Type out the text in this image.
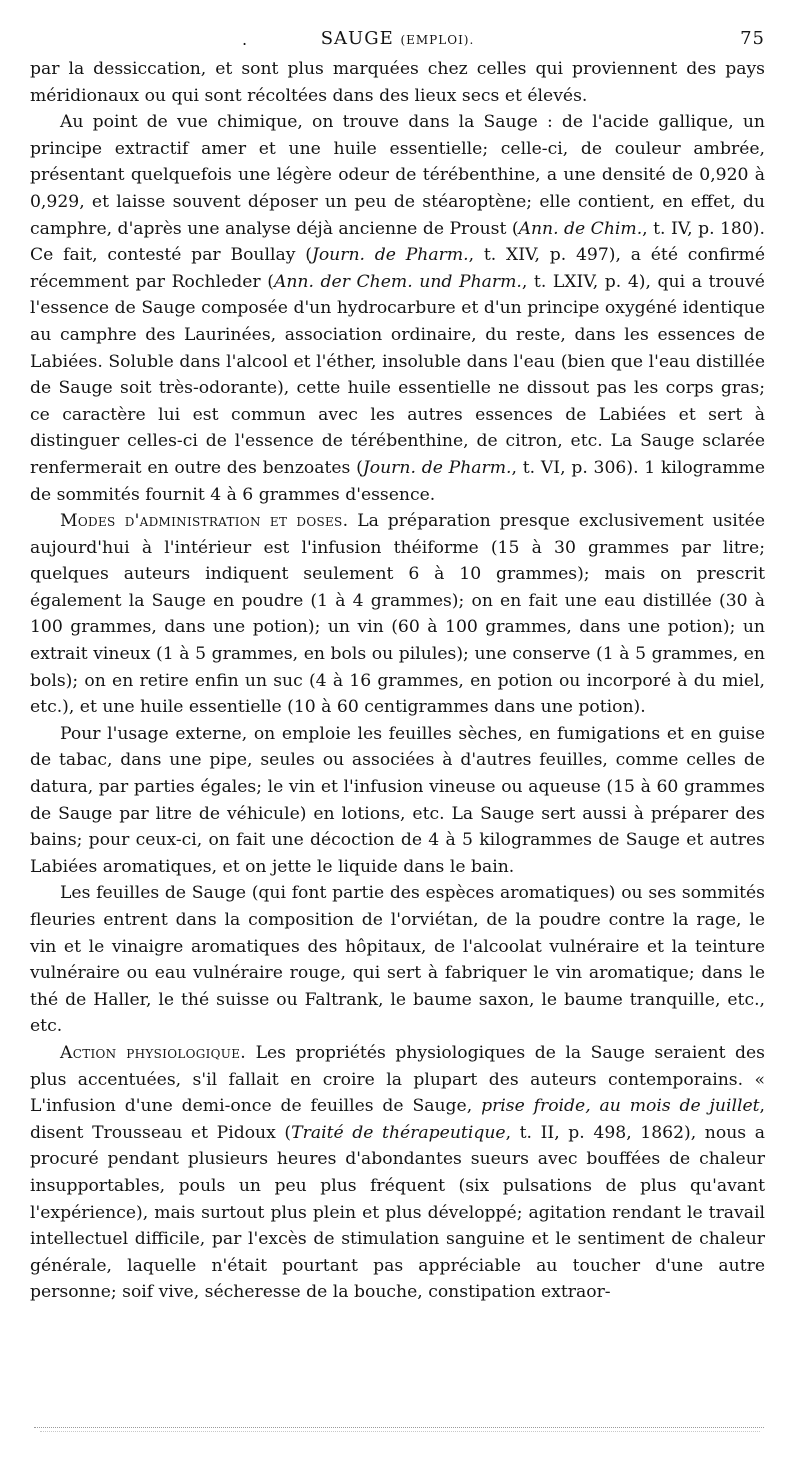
.	SAUGE (EMPLOI).	75

par la dessiccation, et sont plus marquées chez celles qui proviennent des pays méridionaux ou qui sont récoltées dans des lieux secs et élevés.

Au point de vue chimique, on trouve dans la Sauge : de l'acide gallique, un principe extractif amer et une huile essentielle; celle-ci, de couleur ambrée, présentant quelquefois une légère odeur de térébenthine, a une densité de 0,920 à 0,929, et laisse souvent déposer un peu de stéaroptène; elle contient, en effet, du camphre, d'après une analyse déjà ancienne de Proust (Ann. de Chim., t. IV, p. 180). Ce fait, contesté par Boullay (Journ. de Pharm., t. XIV, p. 497), a été confirmé récemment par Rochleder (Ann. der Chem. und Pharm., t. LXIV, p. 4), qui a trouvé l'essence de Sauge composée d'un hydrocarbure et d'un principe oxygéné identique au camphre des Laurinées, association ordinaire, du reste, dans les essences de Labiées. Soluble dans l'alcool et l'éther, insoluble dans l'eau (bien que l'eau distillée de Sauge soit très-odorante), cette huile essentielle ne dissout pas les corps gras; ce caractère lui est commun avec les autres essences de Labiées et sert à distinguer celles-ci de l'essence de térébenthine, de citron, etc. La Sauge sclarée renfermerait en outre des benzoates (Journ. de Pharm., t. VI, p. 306). 1 kilogramme de sommités fournit 4 à 6 grammes d'essence.

Modes d'administration et doses. La préparation presque exclusivement usitée aujourd'hui à l'intérieur est l'infusion théiforme (15 à 30 grammes par litre; quelques auteurs indiquent seulement 6 à 10 grammes); mais on prescrit également la Sauge en poudre (1 à 4 grammes); on en fait une eau distillée (30 à 100 grammes, dans une potion); un vin (60 à 100 grammes, dans une potion); un extrait vineux (1 à 5 grammes, en bols ou pilules); une conserve (1 à 5 grammes, en bols); on en retire enfin un suc (4 à 16 grammes, en potion ou incorporé à du miel, etc.), et une huile essentielle (10 à 60 centigrammes dans une potion).

Pour l'usage externe, on emploie les feuilles sèches, en fumigations et en guise de tabac, dans une pipe, seules ou associées à d'autres feuilles, comme celles de datura, par parties égales; le vin et l'infusion vineuse ou aqueuse (15 à 60 grammes de Sauge par litre de véhicule) en lotions, etc. La Sauge sert aussi à préparer des bains; pour ceux-ci, on fait une décoction de 4 à 5 kilogrammes de Sauge et autres Labiées aromatiques, et on jette le liquide dans le bain.

Les feuilles de Sauge (qui font partie des espèces aromatiques) ou ses sommités fleuries entrent dans la composition de l'orviétan, de la poudre contre la rage, le vin et le vinaigre aromatiques des hôpitaux, de l'alcoolat vulnéraire et la teinture vulnéraire ou eau vulnéraire rouge, qui sert à fabriquer le vin aromatique; dans le thé de Haller, le thé suisse ou Faltrank, le baume saxon, le baume tranquille, etc., etc.

Action physiologique. Les propriétés physiologiques de la Sauge seraient des plus accentuées, s'il fallait en croire la plupart des auteurs contemporains. « L'infusion d'une demi-once de feuilles de Sauge, prise froide, au mois de juillet, disent Trousseau et Pidoux (Traité de thérapeutique, t. II, p. 498, 1862), nous a procuré pendant plusieurs heures d'abondantes sueurs avec bouffées de chaleur insupportables, pouls un peu plus fréquent (six pulsations de plus qu'avant l'expérience), mais surtout plus plein et plus développé; agitation rendant le travail intellectuel difficile, par l'excès de stimulation sanguine et le sentiment de chaleur générale, laquelle n'était pourtant pas appréciable au toucher d'une autre personne; soif vive, sécheresse de la bouche, constipation extraor-
